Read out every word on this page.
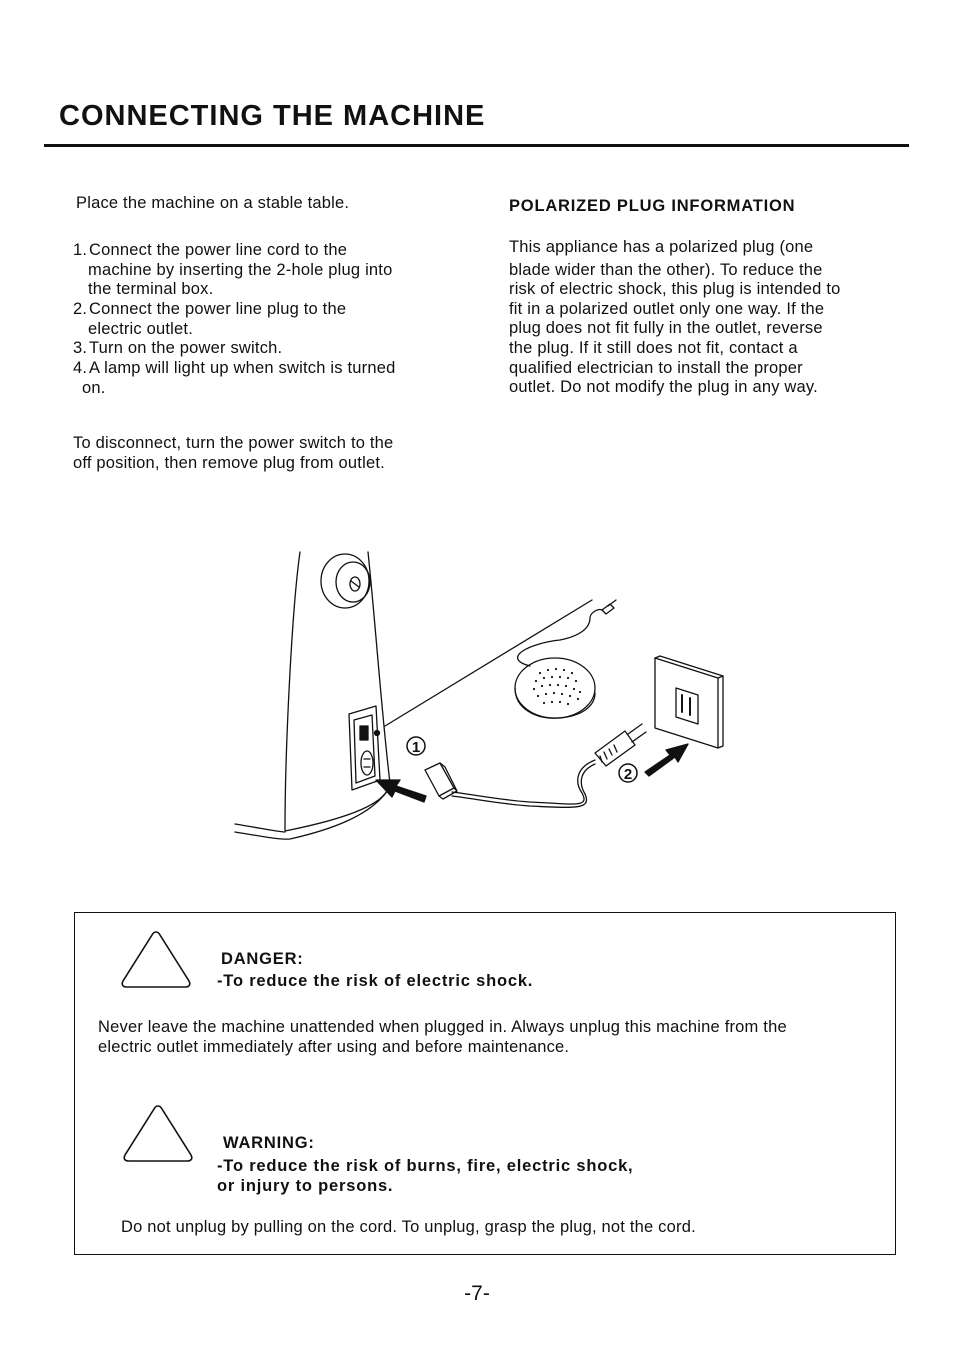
CONNECTING THE MACHINE

Place the machine on a stable table.

1. Connect the power line cord to the
machine by inserting the 2-hole plug into
the terminal box.
2. Connect the power line plug to the
electric outlet.
3. Turn on the power switch.
4. A lamp will light up when switch is turned
on.
To disconnect, turn the power switch to the
off position, then remove plug from outlet.
POLARIZED PLUG INFORMATION
This appliance has a polarized plug (one
blade wider than the other). To reduce the
risk of electric shock, this plug is intended to
fit in a polarized outlet only one way. If the
plug does not fit fully in the outlet, reverse
the plug. If it still does not fit, contact a
qualified electrician to install the proper
outlet. Do not modify the plug in any way.
1
2
DANGER:
-To reduce the risk of electric shock.
Never leave the machine unattended when plugged in. Always unplug this machine from the
electric outlet immediately after using and before maintenance.
WARNING:
-To reduce the risk of burns, fire, electric shock,
or injury to persons.
Do not unplug by pulling on the cord. To unplug, grasp the plug, not the cord.
-7-
